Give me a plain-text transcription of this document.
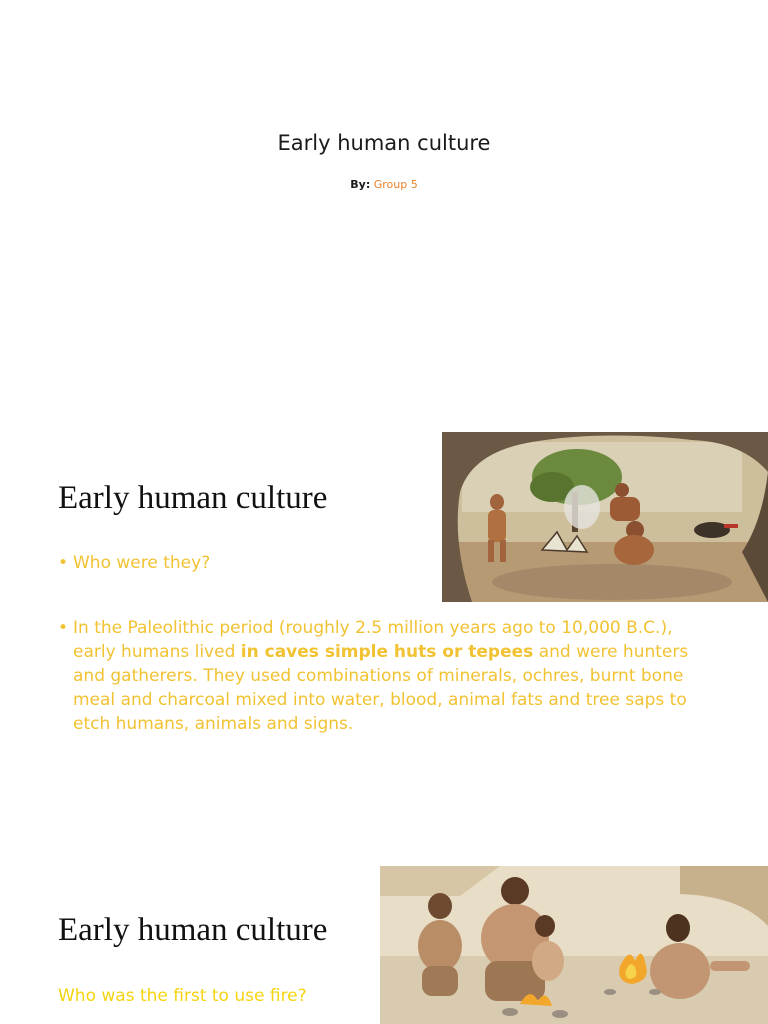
Early human culture
By: Group 5
Early human culture
• Who were they?
• In the Paleolithic period (roughly 2.5 million years ago to 10,000 B.C.), early humans lived in caves simple huts or tepees and were hunters and gatherers. They used combinations of minerals, ochres, burnt bone meal and charcoal mixed into water, blood, animal fats and tree saps to etch humans, animals and signs.
Early human culture
Who was the first to use fire?
